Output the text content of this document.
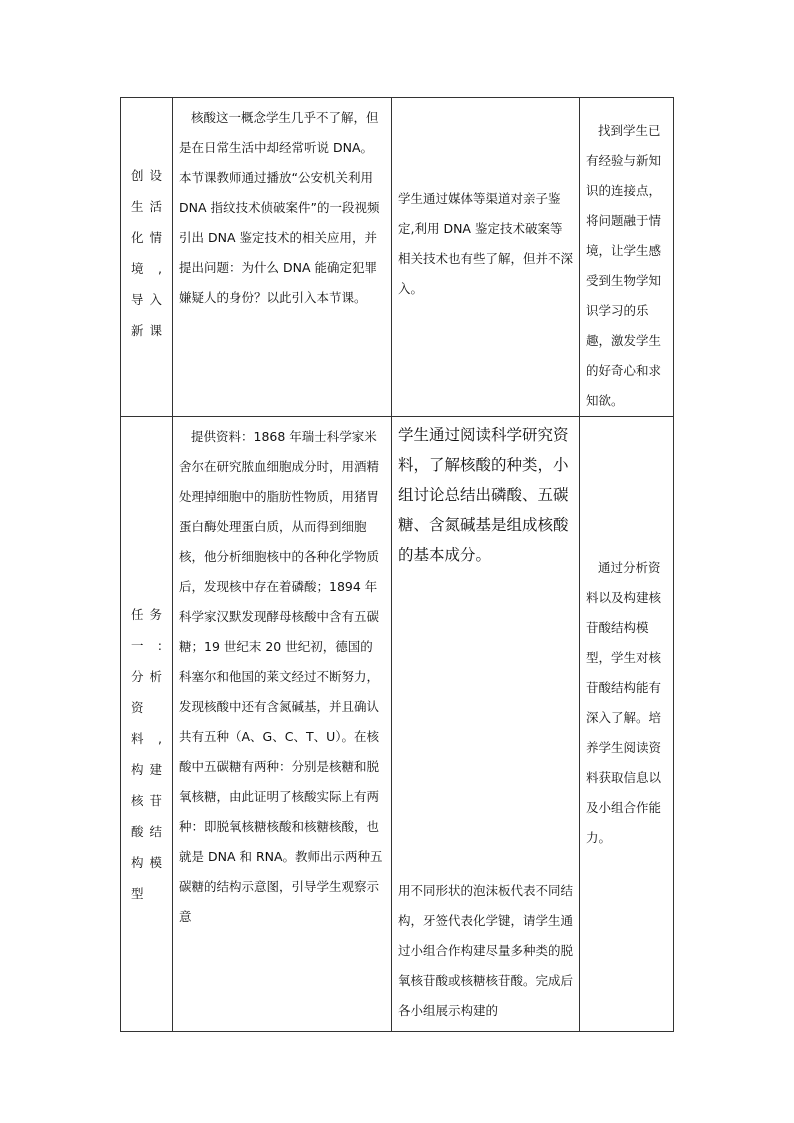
创设生活化情境,导入新课	核酸这一概念学生几乎不了解，但是在日常生活中却经常听说 DNA。本节课教师通过播放“公安机关利用 DNA 指纹技术侦破案件”的一段视频引出 DNA 鉴定技术的相关应用，并提出问题：为什么 DNA 能确定犯罪嫌疑人的身份？以此引入本节课。	学生通过媒体等渠道对亲子鉴定,利用 DNA 鉴定技术破案等相关技术也有些了解，但并不深入。	找到学生已有经验与新知识的连接点，将问题融于情境，让学生感受到生物学知识学习的乐趣，激发学生的好奇心和求知欲。

任务一:分析资料,构建核苷酸结构模型	提供资料：1868 年瑞士科学家米舍尔在研究脓血细胞成分时，用酒精处理掉细胞中的脂肪性物质，用猪胃蛋白酶处理蛋白质，从而得到细胞核，他分析细胞核中的各种化学物质后，发现核中存在着磷酸；1894 年科学家汉默发现酵母核酸中含有五碳糖；19 世纪末 20 世纪初，德国的科塞尔和他国的莱文经过不断努力，发现核酸中还有含氮碱基，并且确认共有五种（A、G、C、T、U）。在核酸中五碳糖有两种：分别是核糖和脱氧核糖，由此证明了核酸实际上有两种：即脱氧核糖核酸和核糖核酸，也就是 DNA 和 RNA。教师出示两种五碳糖的结构示意图，引导学生观察示意	学生通过阅读科学研究资料，了解核酸的种类，小组讨论总结出磷酸、五碳糖、含氮碱基是组成核酸的基本成分。
用不同形状的泡沫板代表不同结构，牙签代表化学键，请学生通过小组合作构建尽量多种类的脱氧核苷酸或核糖核苷酸。完成后各小组展示构建的	通过分析资料以及构建核苷酸结构模型，学生对核苷酸结构能有深入了解。培养学生阅读资料获取信息以及小组合作能力。
